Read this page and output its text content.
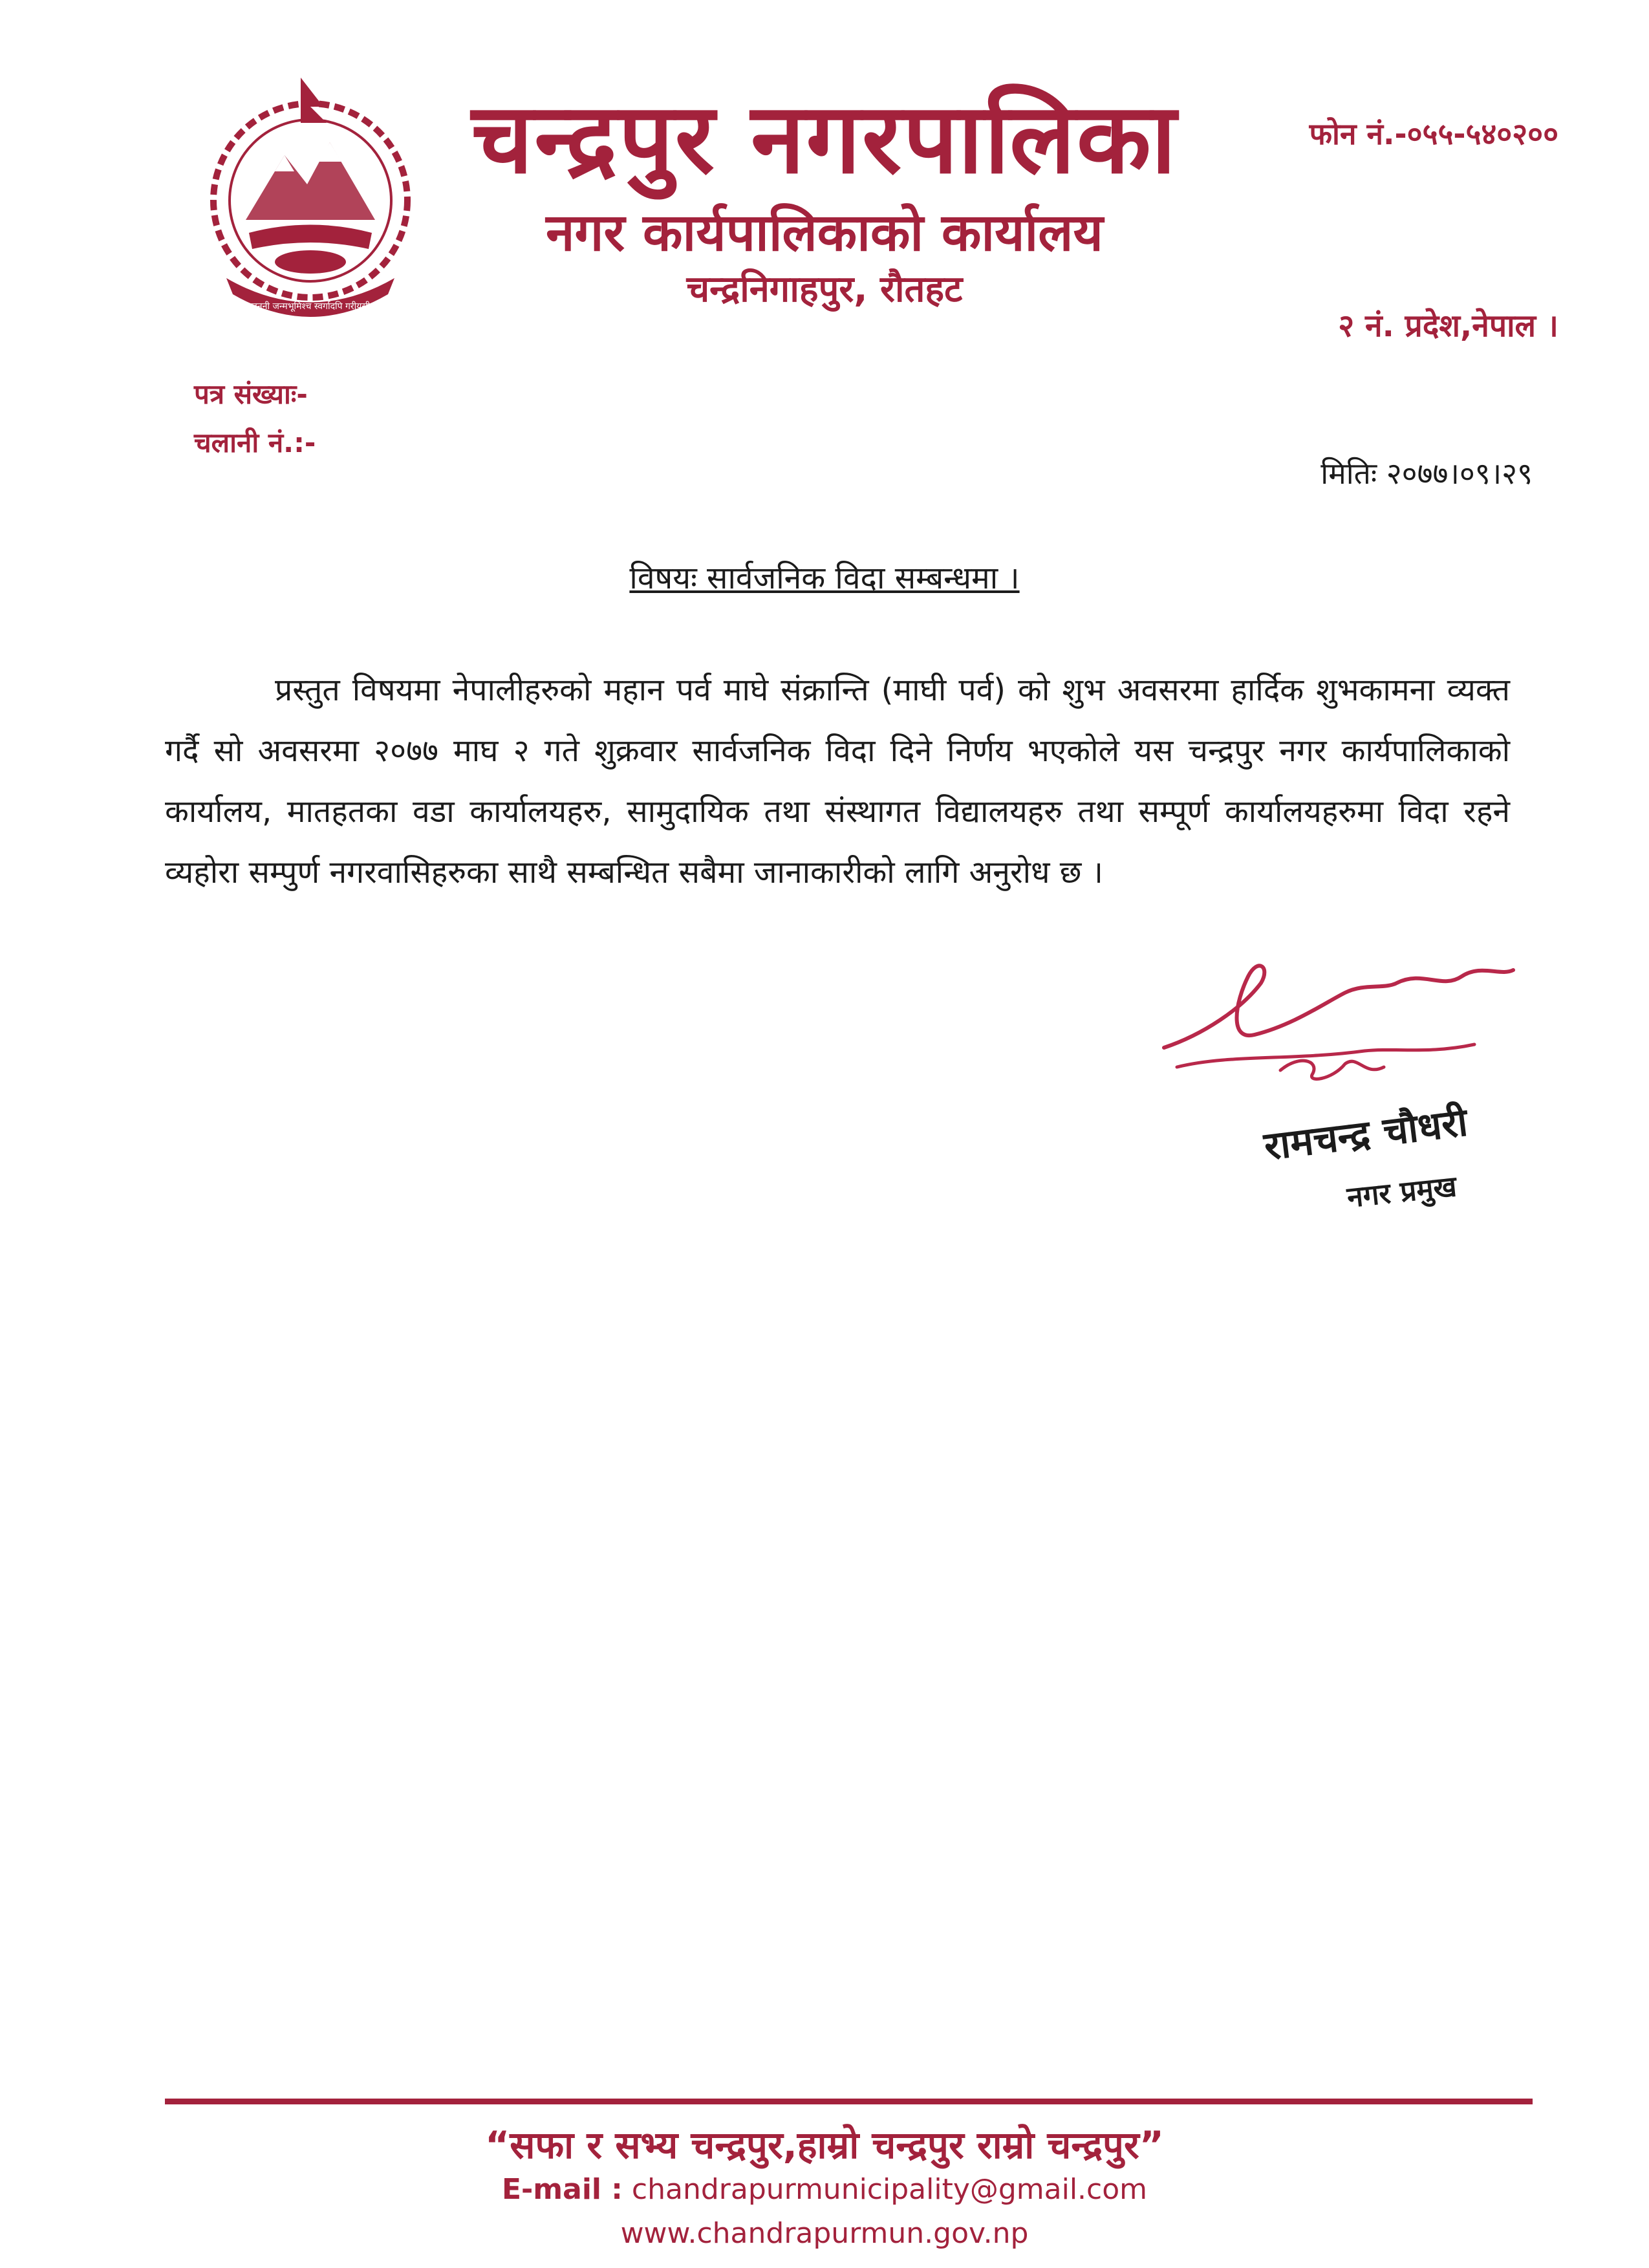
जननी जन्मभूमिश्च स्वर्गादपि गरीयसी
चन्द्रपुर नगरपालिका
नगर कार्यपालिकाको कार्यालय
चन्द्रनिगाहपुर, रौतहट
फोन नं.-०५५-५४०२००
२ नं. प्रदेश,नेपाल ।
पत्र संख्याः-
चलानी नं.:-
मितिः २०७७।०९।२९
विषयः सार्वजनिक विदा सम्बन्धमा ।
प्रस्तुत विषयमा नेपालीहरुको महान पर्व माघे संक्रान्ति (माघी पर्व) को शुभ अवसरमा हार्दिक शुभकामना व्यक्त गर्दै सो अवसरमा २०७७ माघ २ गते शुक्रवार सार्वजनिक विदा दिने निर्णय भएकोले यस चन्द्रपुर नगर कार्यपालिकाको कार्यालय, मातहतका वडा कार्यालयहरु, सामुदायिक तथा संस्थागत विद्यालयहरु तथा सम्पूर्ण कार्यालयहरुमा विदा रहने व्यहोरा सम्पुर्ण नगरवासिहरुका साथै सम्बन्धित सबैमा जानाकारीको लागि अनुरोध छ ।
रामचन्द्र चौधरी
नगर प्रमुख
“सफा र सभ्य चन्द्रपुर,हाम्रो चन्द्रपुर राम्रो चन्द्रपुर”
E-mail : chandrapurmunicipality@gmail.com
www.chandrapurmun.gov.np
